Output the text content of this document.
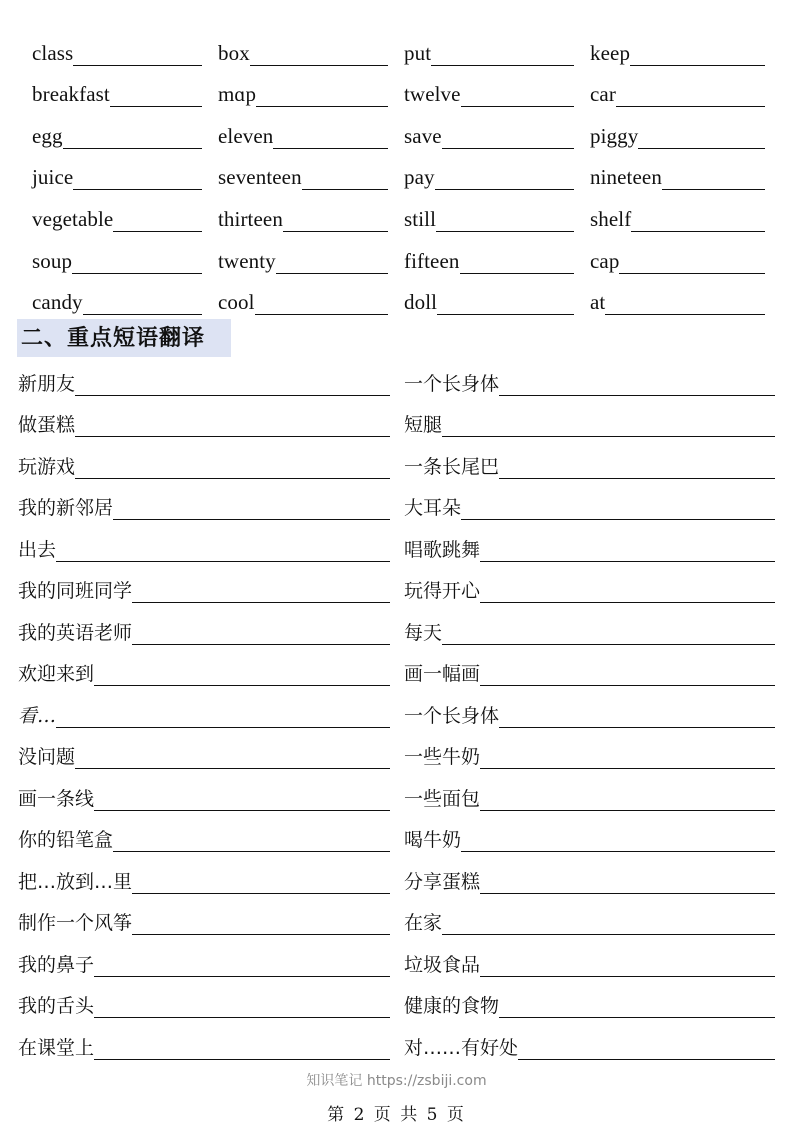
class	box	put	keep
breakfast	mɑp	twelve	car
egg	eleven	save	piggy
juice	seventeen	pay	nineteen
vegetable	thirteen	still	shelf
soup	twenty	fifteen	cap
candy	cool	doll	at
二、重点短语翻译
新朋友	一个长身体
做蛋糕	短腿
玩游戏	一条长尾巴
我的新邻居	大耳朵
出去	唱歌跳舞
我的同班同学	玩得开心
我的英语老师	每天
欢迎来到	画一幅画
看…	一个长身体
没问题	一些牛奶
画一条线	一些面包
你的铅笔盒	喝牛奶
把…放到…里	分享蛋糕
制作一个风筝	在家
我的鼻子	垃圾食品
我的舌头	健康的食物
在课堂上	对……有好处
知识笔记 https://zsbiji.com
第 2 页 共 5 页
